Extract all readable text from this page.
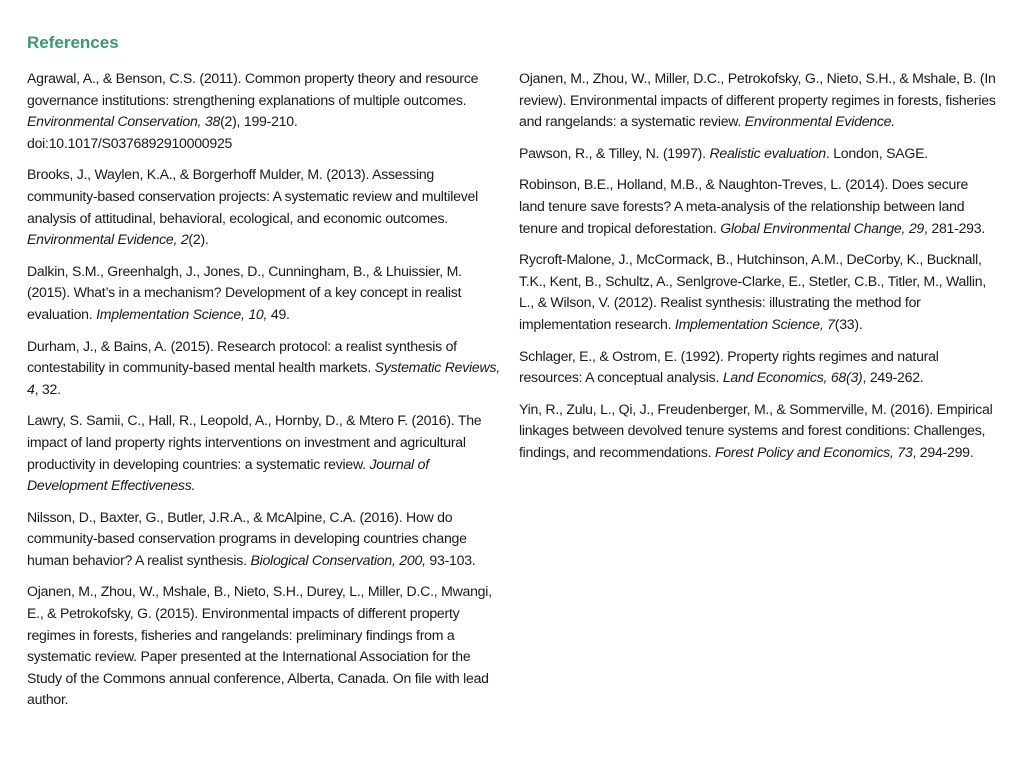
References

Agrawal, A., & Benson, C.S. (2011). Common property theory and resource governance institutions: strengthening explanations of multiple outcomes. Environmental Conservation, 38(2), 199-210. doi:10.1017/S0376892910000925

Brooks, J., Waylen, K.A., & Borgerhoff Mulder, M. (2013). Assessing community-based conservation projects: A systematic review and multilevel analysis of attitudinal, behavioral, ecological, and economic outcomes. Environmental Evidence, 2(2).

Dalkin, S.M., Greenhalgh, J., Jones, D., Cunningham, B., & Lhuissier, M. (2015). What’s in a mechanism? Development of a key concept in realist evaluation. Implementation Science, 10, 49.

Durham, J., & Bains, A. (2015). Research protocol: a realist synthesis of contestability in community-based mental health markets. Systematic Reviews, 4, 32.

Lawry, S. Samii, C., Hall, R., Leopold, A., Hornby, D., & Mtero F. (2016). The impact of land property rights interventions on investment and agricultural productivity in developing countries: a systematic review. Journal of Development Effectiveness.

Nilsson, D., Baxter, G., Butler, J.R.A., & McAlpine, C.A. (2016). How do community-based conservation programs in developing countries change human behavior? A realist synthesis. Biological Conservation, 200, 93-103.

Ojanen, M., Zhou, W., Mshale, B., Nieto, S.H., Durey, L., Miller, D.C., Mwangi, E., & Petrokofsky, G. (2015). Environmental impacts of different property regimes in forests, fisheries and rangelands: preliminary findings from a systematic review. Paper presented at the International Association for the Study of the Commons annual conference, Alberta, Canada. On file with lead author.

Ojanen, M., Zhou, W., Miller, D.C., Petrokofsky, G., Nieto, S.H., & Mshale, B. (In review). Environmental impacts of different property regimes in forests, fisheries and rangelands: a systematic review. Environmental Evidence.

Pawson, R., & Tilley, N. (1997). Realistic evaluation. London, SAGE.

Robinson, B.E., Holland, M.B., & Naughton-Treves, L. (2014). Does secure land tenure save forests? A meta-analysis of the relationship between land tenure and tropical deforestation. Global Environmental Change, 29, 281-293.

Rycroft-Malone, J., McCormack, B., Hutchinson, A.M., DeCorby, K., Bucknall, T.K., Kent, B., Schultz, A., Senlgrove-Clarke, E., Stetler, C.B., Titler, M., Wallin, L., & Wilson, V. (2012). Realist synthesis: illustrating the method for implementation research. Implementation Science, 7(33).

Schlager, E., & Ostrom, E. (1992). Property rights regimes and natural resources: A conceptual analysis. Land Economics, 68(3), 249-262.

Yin, R., Zulu, L., Qi, J., Freudenberger, M., & Sommerville, M. (2016). Empirical linkages between devolved tenure systems and forest conditions: Challenges, findings, and recommendations. Forest Policy and Economics, 73, 294-299.
